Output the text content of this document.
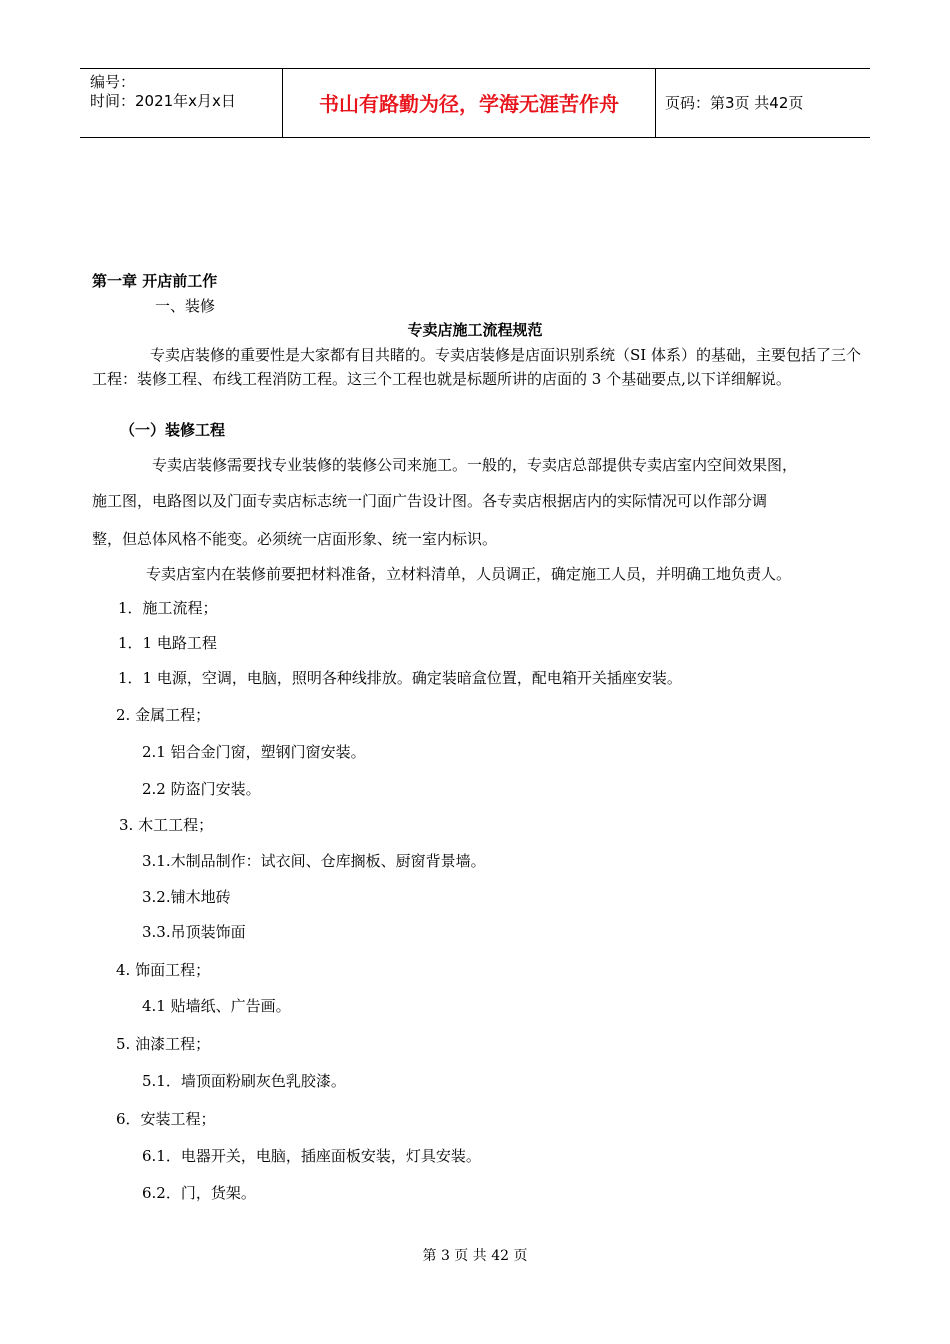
编号：
时间：2021年x月x日	书山有路勤为径，学海无涯苦作舟	页码：第3页 共42页
第一章 开店前工作
一、装修
专卖店施工流程规范
专卖店装修的重要性是大家都有目共睹的。专卖店装修是店面识别系统（SI 体系）的基础，主要包括了三个工程：装修工程、布线工程消防工程。这三个工程也就是标题所讲的店面的 3 个基础要点,以下详细解说。
（一）装修工程
专卖店装修需要找专业装修的装修公司来施工。一般的，专卖店总部提供专卖店室内空间效果图，
施工图，电路图以及门面专卖店标志统一门面广告设计图。各专卖店根据店内的实际情况可以作部分调
整，但总体风格不能变。必须统一店面形象、统一室内标识。
专卖店室内在装修前要把材料准备，立材料清单，人员调正，确定施工人员，并明确工地负责人。
1．施工流程；
1．1 电路工程
1．1 电源，空调，电脑，照明各种线排放。确定装暗盒位置，配电箱开关插座安装。
2. 金属工程；
2.1 铝合金门窗，塑钢门窗安装。
2.2 防盗门安装。
3. 木工工程；
3.1.木制品制作：试衣间、仓库搁板、厨窗背景墙。
3.2.铺木地砖
3.3.吊顶装饰面
4. 饰面工程；
4.1 贴墙纸、广告画。
5. 油漆工程；
5.1．墙顶面粉刷灰色乳胶漆。
6．安装工程；
6.1．电器开关，电脑，插座面板安装，灯具安装。
6.2．门，货架。
第 3 页 共 42 页
